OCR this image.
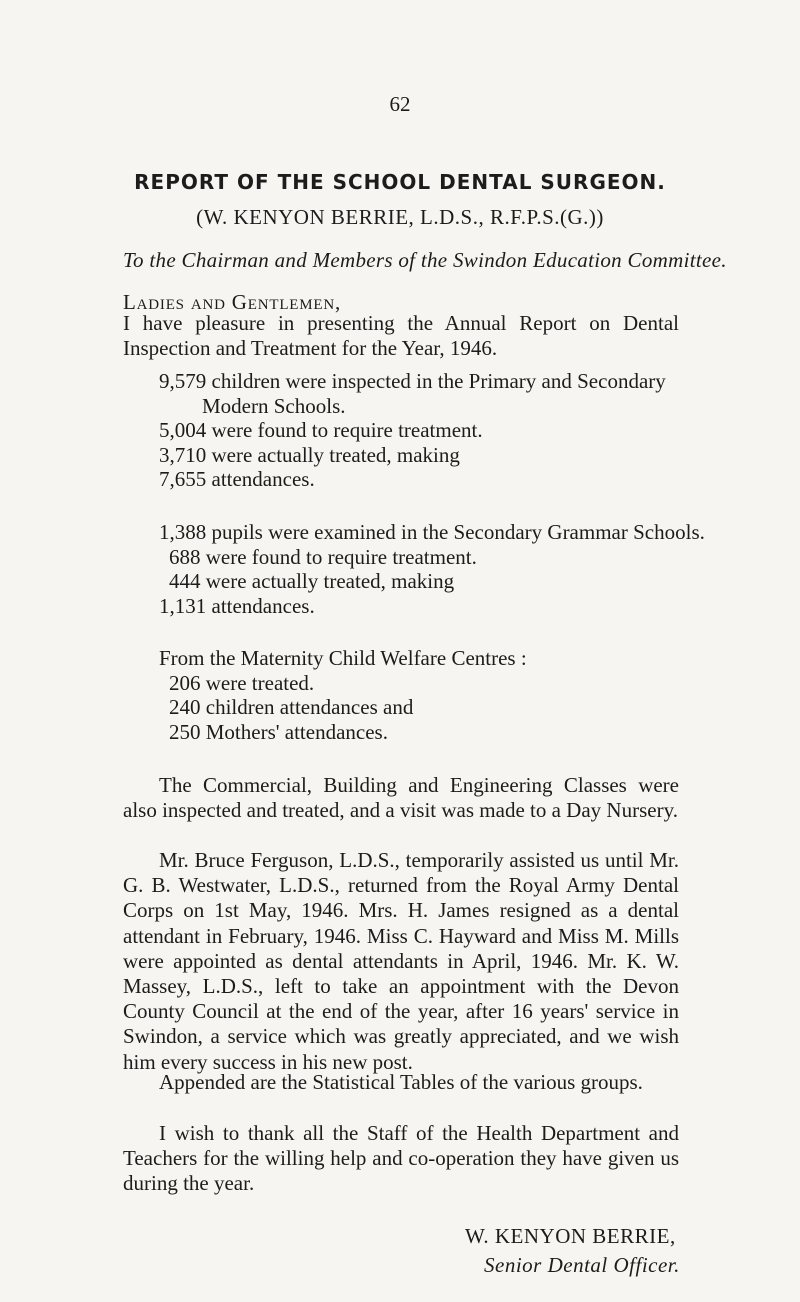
62
REPORT OF THE SCHOOL DENTAL SURGEON.
(W. KENYON BERRIE, L.D.S., R.F.P.S.(G.))
To the Chairman and Members of the Swindon Education Committee.
Ladies and Gentlemen,

I have pleasure in presenting the Annual Report on Dental Inspection and Treatment for the Year, 1946.

9,579 children were inspected in the Primary and Secondary

Modern Schools.

5,004 were found to require treatment.

3,710 were actually treated, making

7,655 attendances.

1,388 pupils were examined in the Secondary Grammar Schools.

688 were found to require treatment.

444 were actually treated, making

1,131 attendances.

From the Maternity Child Welfare Centres :

206 were treated.

240 children attendances and

250 Mothers' attendances.

The Commercial, Building and Engineering Classes were also inspected and treated, and a visit was made to a Day Nursery.

Mr. Bruce Ferguson, L.D.S., temporarily assisted us until Mr. G. B. Westwater, L.D.S., returned from the Royal Army Dental Corps on 1st May, 1946. Mrs. H. James resigned as a dental attendant in February, 1946. Miss C. Hayward and Miss M. Mills were appointed as dental attendants in April, 1946. Mr. K. W. Massey, L.D.S., left to take an appointment with the Devon County Council at the end of the year, after 16 years' service in Swindon, a service which was greatly appreciated, and we wish him every success in his new post.

Appended are the Statistical Tables of the various groups.

I wish to thank all the Staff of the Health Department and Teachers for the willing help and co-operation they have given us during the year.

W. KENYON BERRIE,
Senior Dental Officer.
